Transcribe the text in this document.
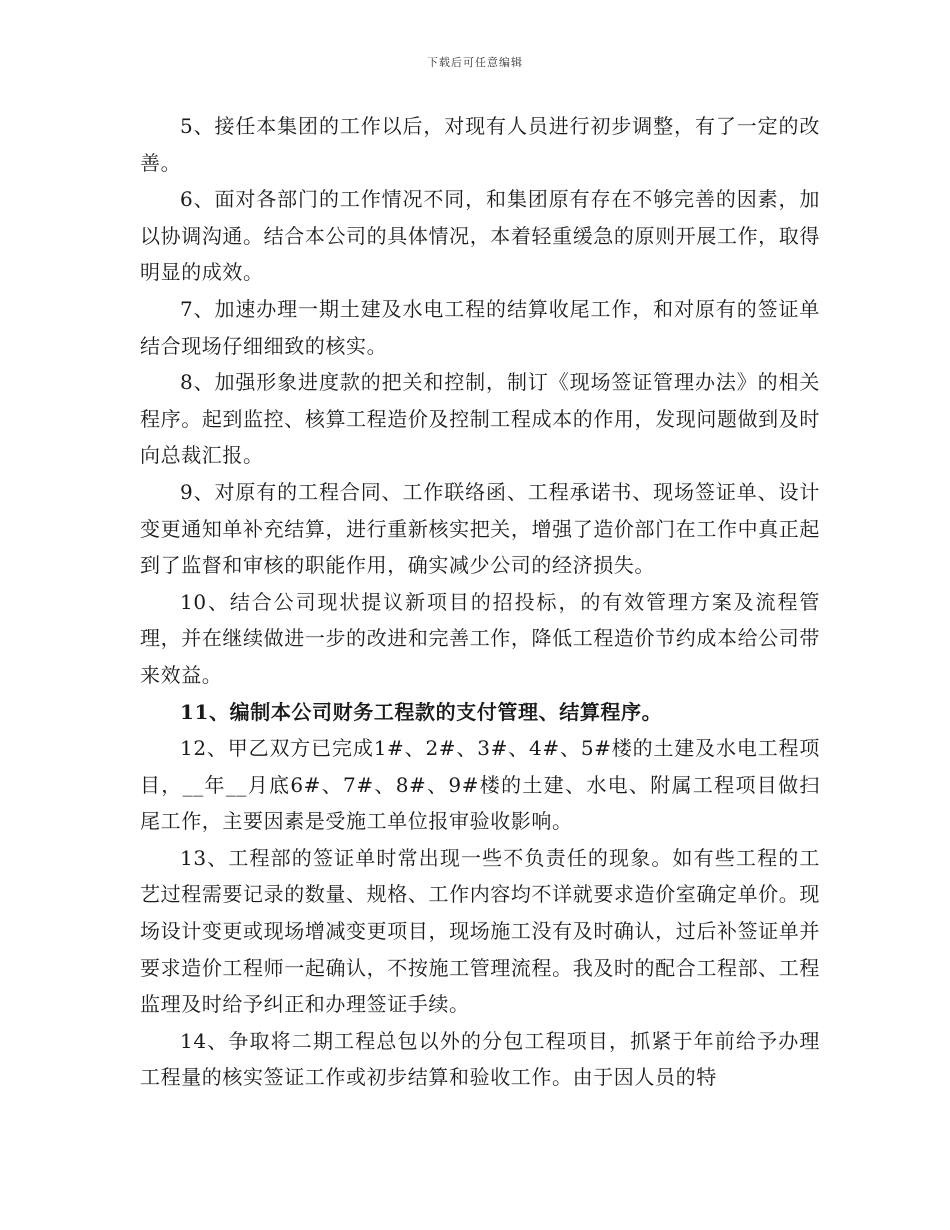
下载后可任意编辑

5、接任本集团的工作以后，对现有人员进行初步调整，有了一定的改善。

6、面对各部门的工作情况不同，和集团原有存在不够完善的因素，加以协调沟通。结合本公司的具体情况，本着轻重缓急的原则开展工作，取得明显的成效。

7、加速办理一期土建及水电工程的结算收尾工作，和对原有的签证单结合现场仔细细致的核实。

8、加强形象进度款的把关和控制，制订《现场签证管理办法》的相关程序。起到监控、核算工程造价及控制工程成本的作用，发现问题做到及时向总裁汇报。

9、对原有的工程合同、工作联络函、工程承诺书、现场签证单、设计变更通知单补充结算，进行重新核实把关，增强了造价部门在工作中真正起到了监督和审核的职能作用，确实减少公司的经济损失。

10、结合公司现状提议新项目的招投标，的有效管理方案及流程管理，并在继续做进一步的改进和完善工作，降低工程造价节约成本给公司带来效益。

11、编制本公司财务工程款的支付管理、结算程序。

12、甲乙双方已完成1#、2#、3#、4#、5#楼的土建及水电工程项目，__年__月底6#、7#、8#、9#楼的土建、水电、附属工程项目做扫尾工作，主要因素是受施工单位报审验收影响。

13、工程部的签证单时常出现一些不负责任的现象。如有些工程的工艺过程需要记录的数量、规格、工作内容均不详就要求造价室确定单价。现场设计变更或现场增减变更项目，现场施工没有及时确认，过后补签证单并要求造价工程师一起确认，不按施工管理流程。我及时的配合工程部、工程监理及时给予纠正和办理签证手续。

14、争取将二期工程总包以外的分包工程项目，抓紧于年前给予办理工程量的核实签证工作或初步结算和验收工作。由于因人员的特
